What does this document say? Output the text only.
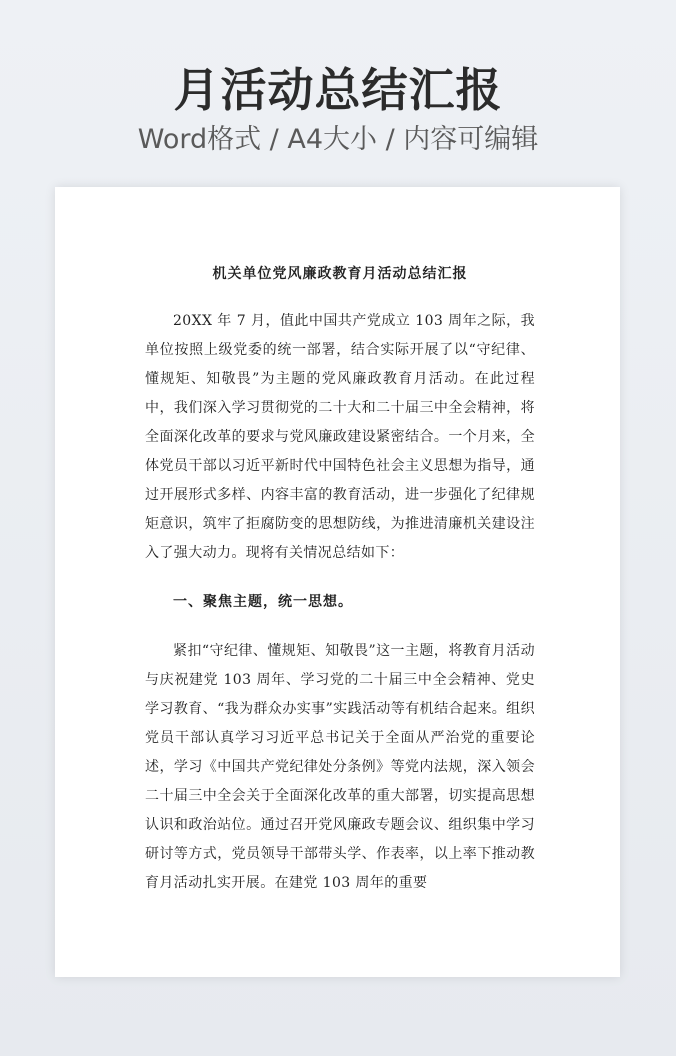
月活动总结汇报
Word格式 / A4大小 / 内容可编辑
机关单位党风廉政教育月活动总结汇报

20XX 年 7 月，值此中国共产党成立 103 周年之际，我单位按照上级党委的统一部署，结合实际开展了以“守纪律、懂规矩、知敬畏”为主题的党风廉政教育月活动。在此过程中，我们深入学习贯彻党的二十大和二十届三中全会精神，将全面深化改革的要求与党风廉政建设紧密结合。一个月来，全体党员干部以习近平新时代中国特色社会主义思想为指导，通过开展形式多样、内容丰富的教育活动，进一步强化了纪律规矩意识，筑牢了拒腐防变的思想防线，为推进清廉机关建设注入了强大动力。现将有关情况总结如下：

一、聚焦主题，统一思想。

紧扣“守纪律、懂规矩、知敬畏”这一主题，将教育月活动与庆祝建党 103 周年、学习党的二十届三中全会精神、党史学习教育、“我为群众办实事”实践活动等有机结合起来。组织党员干部认真学习习近平总书记关于全面从严治党的重要论述，学习《中国共产党纪律处分条例》等党内法规，深入领会二十届三中全会关于全面深化改革的重大部署，切实提高思想认识和政治站位。通过召开党风廉政专题会议、组织集中学习研讨等方式，党员领导干部带头学、作表率，以上率下推动教育月活动扎实开展。在建党 103 周年的重要
